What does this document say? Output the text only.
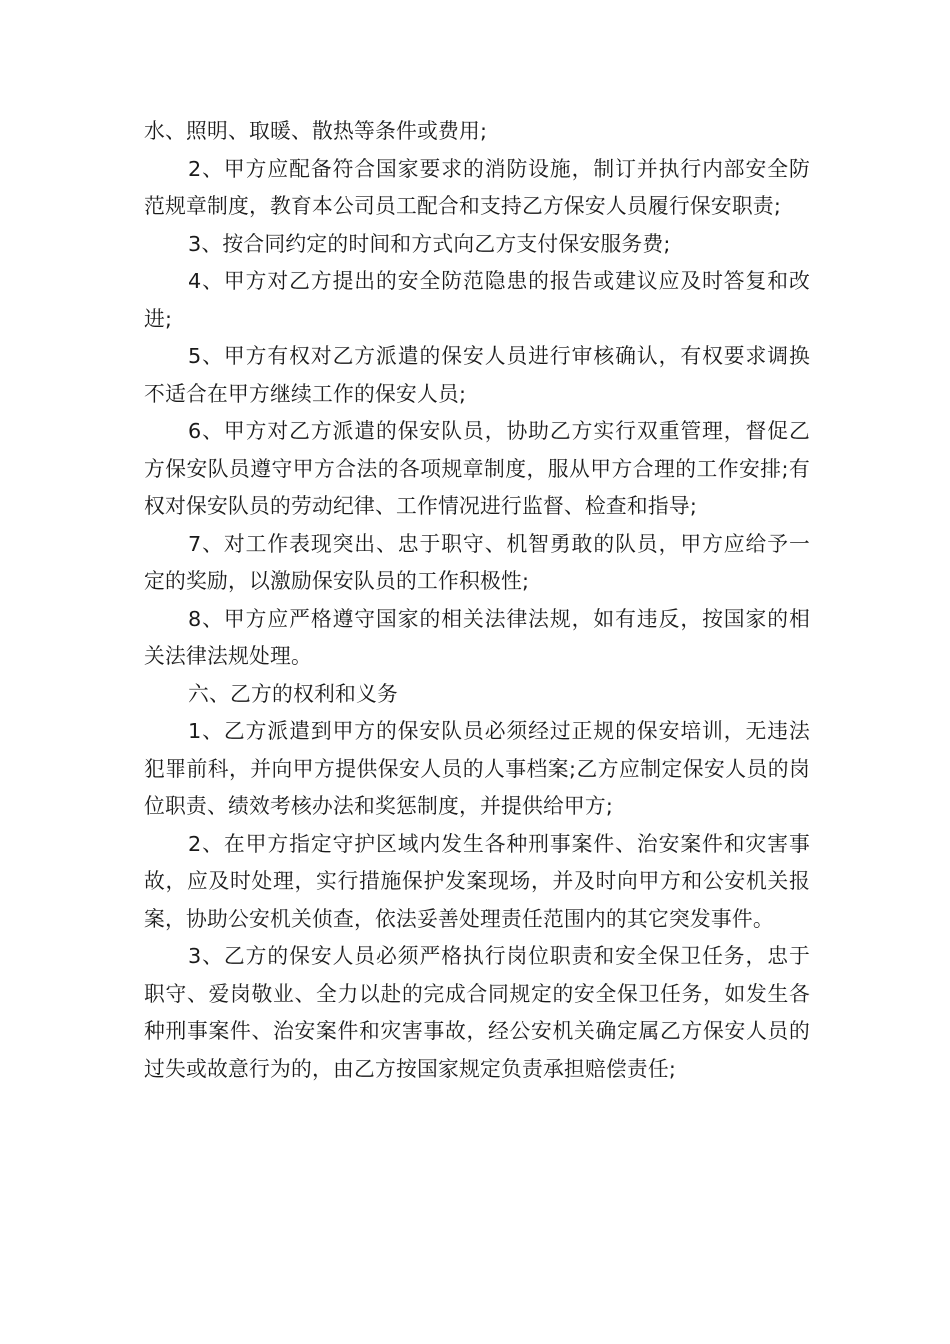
水、照明、取暖、散热等条件或费用;

2、甲方应配备符合国家要求的消防设施，制订并执行内部安全防范规章制度，教育本公司员工配合和支持乙方保安人员履行保安职责;

3、按合同约定的时间和方式向乙方支付保安服务费;

4、甲方对乙方提出的安全防范隐患的报告或建议应及时答复和改进;

5、甲方有权对乙方派遣的保安人员进行审核确认，有权要求调换不适合在甲方继续工作的保安人员;

6、甲方对乙方派遣的保安队员，协助乙方实行双重管理，督促乙方保安队员遵守甲方合法的各项规章制度，服从甲方合理的工作安排;有权对保安队员的劳动纪律、工作情况进行监督、检查和指导;

7、对工作表现突出、忠于职守、机智勇敢的队员，甲方应给予一定的奖励，以激励保安队员的工作积极性;

8、甲方应严格遵守国家的相关法律法规，如有违反，按国家的相关法律法规处理。

六、乙方的权利和义务

1、乙方派遣到甲方的保安队员必须经过正规的保安培训，无违法犯罪前科，并向甲方提供保安人员的人事档案;乙方应制定保安人员的岗位职责、绩效考核办法和奖惩制度，并提供给甲方;

2、在甲方指定守护区域内发生各种刑事案件、治安案件和灾害事故，应及时处理，实行措施保护发案现场，并及时向甲方和公安机关报案，协助公安机关侦查，依法妥善处理责任范围内的其它突发事件。

3、乙方的保安人员必须严格执行岗位职责和安全保卫任务，忠于职守、爱岗敬业、全力以赴的完成合同规定的安全保卫任务，如发生各种刑事案件、治安案件和灾害事故，经公安机关确定属乙方保安人员的过失或故意行为的，由乙方按国家规定负责承担赔偿责任;
